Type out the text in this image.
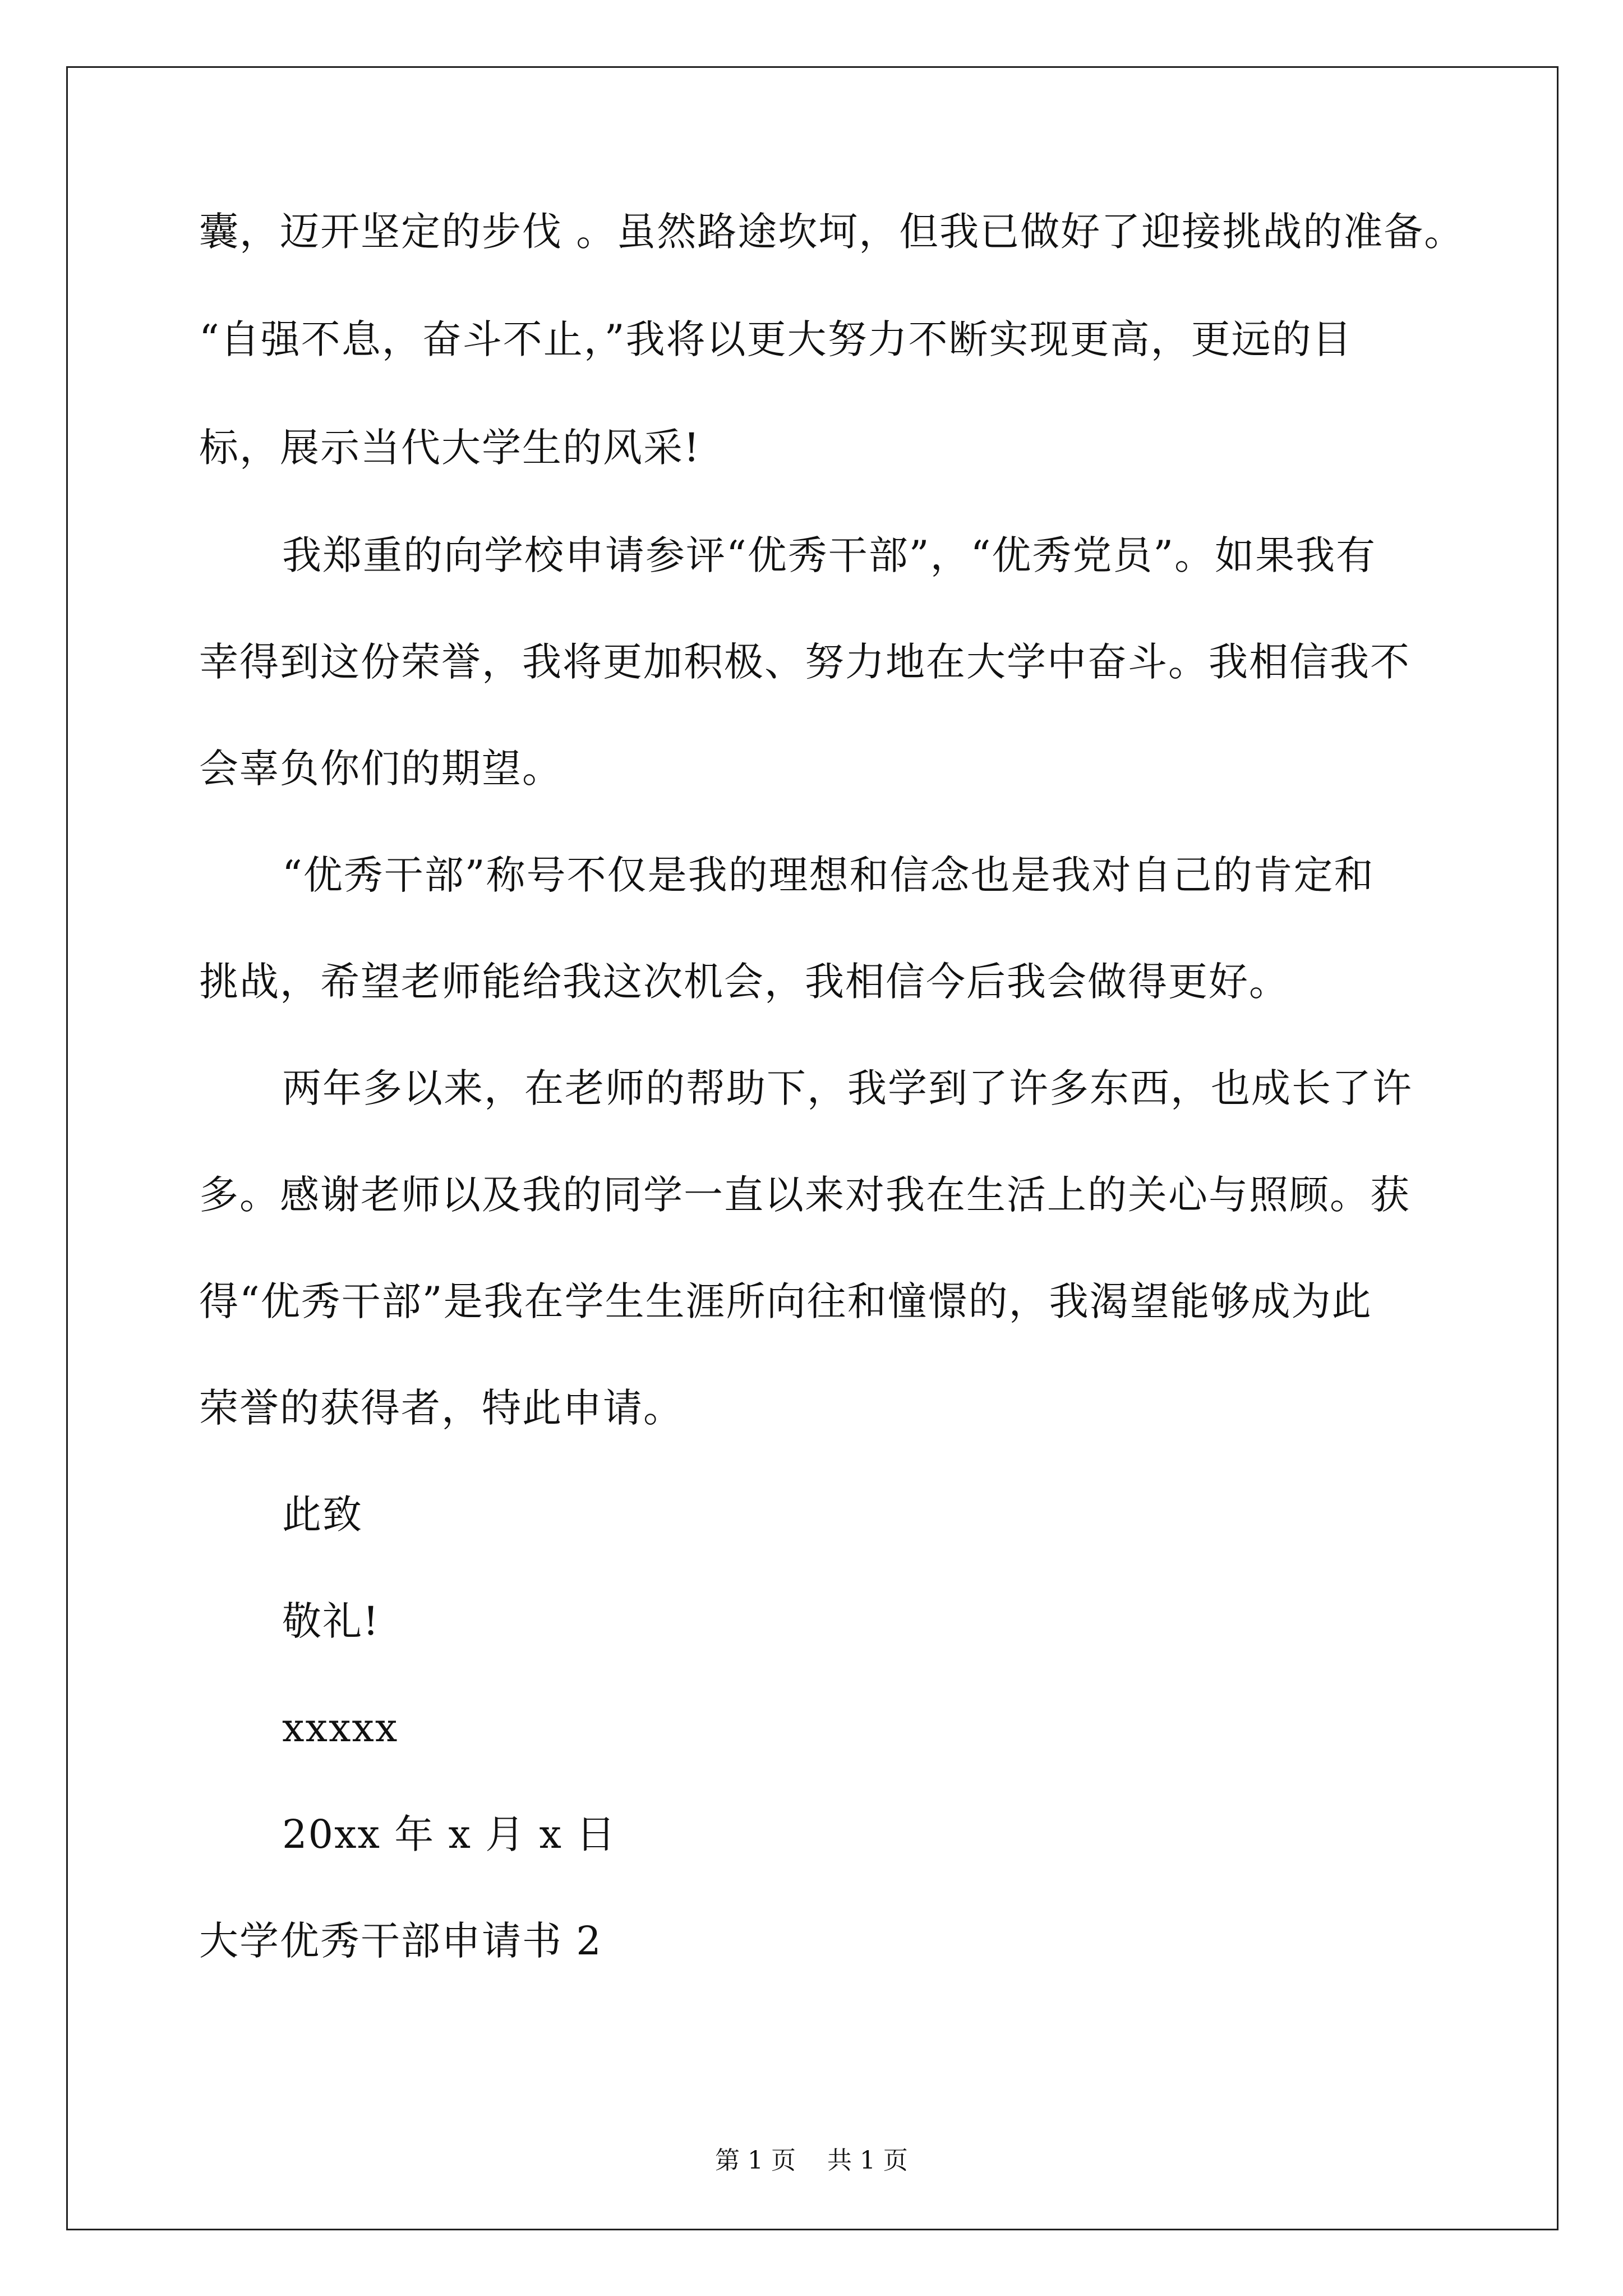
囊，迈开坚定的步伐 。虽然路途坎坷，但我已做好了迎接挑战的准备。
“自强不息，奋斗不止，”我将以更大努力不断实现更高，更远的目
标，展示当代大学生的风采!
我郑重的向学校申请参评“优秀干部”，“优秀党员”。如果我有
幸得到这份荣誉，我将更加积极、努力地在大学中奋斗。我相信我不
会辜负你们的期望。
“优秀干部”称号不仅是我的理想和信念也是我对自己的肯定和
挑战，希望老师能给我这次机会，我相信今后我会做得更好。
两年多以来，在老师的帮助下，我学到了许多东西，也成长了许
多。感谢老师以及我的同学一直以来对我在生活上的关心与照顾。获
得“优秀干部”是我在学生生涯所向往和憧憬的，我渴望能够成为此
荣誉的获得者，特此申请。
此致
敬礼!
xxxxx
20xx 年 x 月 x 日
大学优秀干部申请书 2
第 1 页    共 1 页
